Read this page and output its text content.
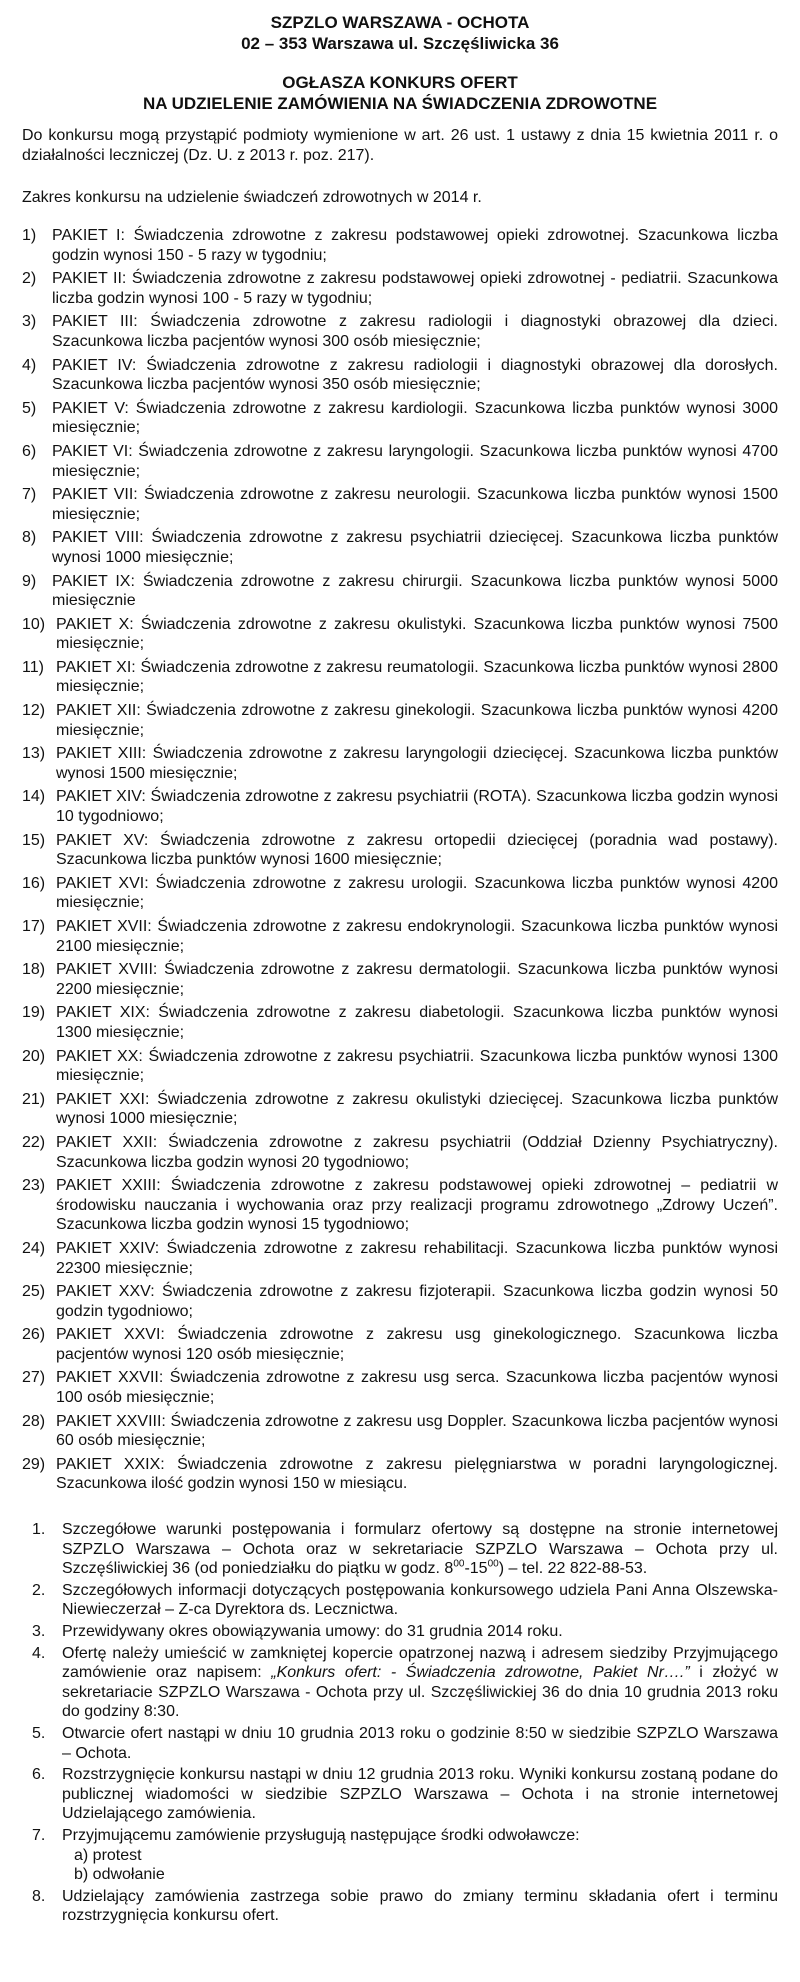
SZPZLO WARSZAWA - OCHOTA

02 – 353 Warszawa ul. Szczęśliwicka 36

OGŁASZA KONKURS OFERT

NA UDZIELENIE ZAMÓWIENIA NA ŚWIADCZENIA ZDROWOTNE

Do konkursu mogą przystąpić podmioty wymienione w art. 26 ust. 1 ustawy z dnia 15 kwietnia 2011 r. o działalności leczniczej (Dz. U. z 2013 r. poz. 217).

Zakres konkursu na udzielenie świadczeń zdrowotnych w 2014 r.

1) PAKIET I: Świadczenia zdrowotne z zakresu podstawowej opieki zdrowotnej. Szacunkowa liczba godzin wynosi 150 - 5 razy w tygodniu;
2) PAKIET II: Świadczenia zdrowotne z zakresu podstawowej opieki zdrowotnej - pediatrii. Szacunkowa liczba godzin wynosi 100 - 5 razy w tygodniu;
3) PAKIET III: Świadczenia zdrowotne z zakresu radiologii i diagnostyki obrazowej dla dzieci. Szacunkowa liczba pacjentów wynosi 300 osób miesięcznie;
4) PAKIET IV: Świadczenia zdrowotne z zakresu radiologii i diagnostyki obrazowej dla dorosłych. Szacunkowa liczba pacjentów wynosi 350 osób miesięcznie;
5) PAKIET V: Świadczenia zdrowotne z zakresu kardiologii. Szacunkowa liczba punktów wynosi 3000 miesięcznie;
6) PAKIET VI: Świadczenia zdrowotne z zakresu laryngologii. Szacunkowa liczba punktów wynosi 4700 miesięcznie;
7) PAKIET VII: Świadczenia zdrowotne z zakresu neurologii. Szacunkowa liczba punktów wynosi 1500 miesięcznie;
8) PAKIET VIII: Świadczenia zdrowotne z zakresu psychiatrii dziecięcej. Szacunkowa liczba punktów wynosi 1000 miesięcznie;
9) PAKIET IX: Świadczenia zdrowotne z zakresu chirurgii. Szacunkowa liczba punktów wynosi 5000 miesięcznie
10) PAKIET X: Świadczenia zdrowotne z zakresu okulistyki. Szacunkowa liczba punktów wynosi 7500 miesięcznie;
11) PAKIET XI: Świadczenia zdrowotne z zakresu reumatologii. Szacunkowa liczba punktów wynosi 2800 miesięcznie;
12) PAKIET XII: Świadczenia zdrowotne z zakresu ginekologii. Szacunkowa liczba punktów wynosi 4200 miesięcznie;
13) PAKIET XIII: Świadczenia zdrowotne z zakresu laryngologii dziecięcej. Szacunkowa liczba punktów wynosi 1500 miesięcznie;
14) PAKIET XIV: Świadczenia zdrowotne z zakresu psychiatrii (ROTA). Szacunkowa liczba godzin wynosi 10 tygodniowo;
15) PAKIET XV: Świadczenia zdrowotne z zakresu ortopedii dziecięcej (poradnia wad postawy). Szacunkowa liczba punktów wynosi 1600 miesięcznie;
16) PAKIET XVI: Świadczenia zdrowotne z zakresu urologii. Szacunkowa liczba punktów wynosi 4200 miesięcznie;
17) PAKIET XVII: Świadczenia zdrowotne z zakresu endokrynologii. Szacunkowa liczba punktów wynosi 2100 miesięcznie;
18) PAKIET XVIII: Świadczenia zdrowotne z zakresu dermatologii. Szacunkowa liczba punktów wynosi 2200 miesięcznie;
19) PAKIET XIX: Świadczenia zdrowotne z zakresu diabetologii. Szacunkowa liczba punktów wynosi 1300 miesięcznie;
20) PAKIET XX: Świadczenia zdrowotne z zakresu psychiatrii. Szacunkowa liczba punktów wynosi 1300 miesięcznie;
21) PAKIET XXI: Świadczenia zdrowotne z zakresu okulistyki dziecięcej. Szacunkowa liczba punktów wynosi 1000 miesięcznie;
22) PAKIET XXII: Świadczenia zdrowotne z zakresu psychiatrii (Oddział Dzienny Psychiatryczny). Szacunkowa liczba godzin wynosi 20 tygodniowo;
23) PAKIET XXIII: Świadczenia zdrowotne z zakresu podstawowej opieki zdrowotnej – pediatrii w środowisku nauczania i wychowania oraz przy realizacji programu zdrowotnego „Zdrowy Uczeń”. Szacunkowa liczba godzin wynosi 15 tygodniowo;
24) PAKIET XXIV: Świadczenia zdrowotne z zakresu rehabilitacji. Szacunkowa liczba punktów wynosi 22300 miesięcznie;
25) PAKIET XXV: Świadczenia zdrowotne z zakresu fizjoterapii. Szacunkowa liczba godzin wynosi 50 godzin tygodniowo;
26) PAKIET XXVI: Świadczenia zdrowotne z zakresu usg ginekologicznego. Szacunkowa liczba pacjentów wynosi 120 osób miesięcznie;
27) PAKIET XXVII: Świadczenia zdrowotne z zakresu usg serca. Szacunkowa liczba pacjentów wynosi 100 osób miesięcznie;
28) PAKIET XXVIII: Świadczenia zdrowotne z zakresu usg Doppler. Szacunkowa liczba pacjentów wynosi 60 osób miesięcznie;
29) PAKIET XXIX: Świadczenia zdrowotne z zakresu pielęgniarstwa w poradni laryngologicznej. Szacunkowa ilość godzin wynosi 150 w miesiącu.
1.	Szczegółowe warunki postępowania i formularz ofertowy są dostępne na stronie internetowej SZPZLO Warszawa – Ochota oraz w sekretariacie SZPZLO Warszawa – Ochota przy ul. Szczęśliwickiej 36 (od poniedziałku do piątku w godz. $8^{00}-15^{00}$) – tel. 22 822-88-53.
2.	Szczegółowych informacji dotyczących postępowania konkursowego udziela Pani Anna Olszewska-Niewieczerzał – Z-ca Dyrektora ds. Lecznictwa.
3.	Przewidywany okres obowiązywania umowy: do 31 grudnia 2014 roku.
4.	Ofertę należy umieścić w zamkniętej kopercie opatrzonej nazwą i adresem siedziby Przyjmującego zamówienie oraz napisem: „Konkurs ofert: - Świadczenia zdrowotne, Pakiet Nr….” i złożyć w sekretariacie SZPZLO Warszawa - Ochota przy ul. Szczęśliwickiej 36 do dnia 10 grudnia 2013 roku do godziny 8:30.
5.	Otwarcie ofert nastąpi w dniu 10 grudnia 2013 roku o godzinie 8:50 w siedzibie SZPZLO Warszawa – Ochota.
6.	Rozstrzygnięcie konkursu nastąpi w dniu 12 grudnia 2013 roku. Wyniki konkursu zostaną podane do publicznej wiadomości w siedzibie SZPZLO Warszawa – Ochota i na stronie internetowej Udzielającego zamówienia.
7.	Przyjmującemu zamówienie przysługują następujące środki odwoławcze:
a) protest
b) odwołanie
8.	Udzielający zamówienia zastrzega sobie prawo do zmiany terminu składania ofert i terminu rozstrzygnięcia konkursu ofert.
